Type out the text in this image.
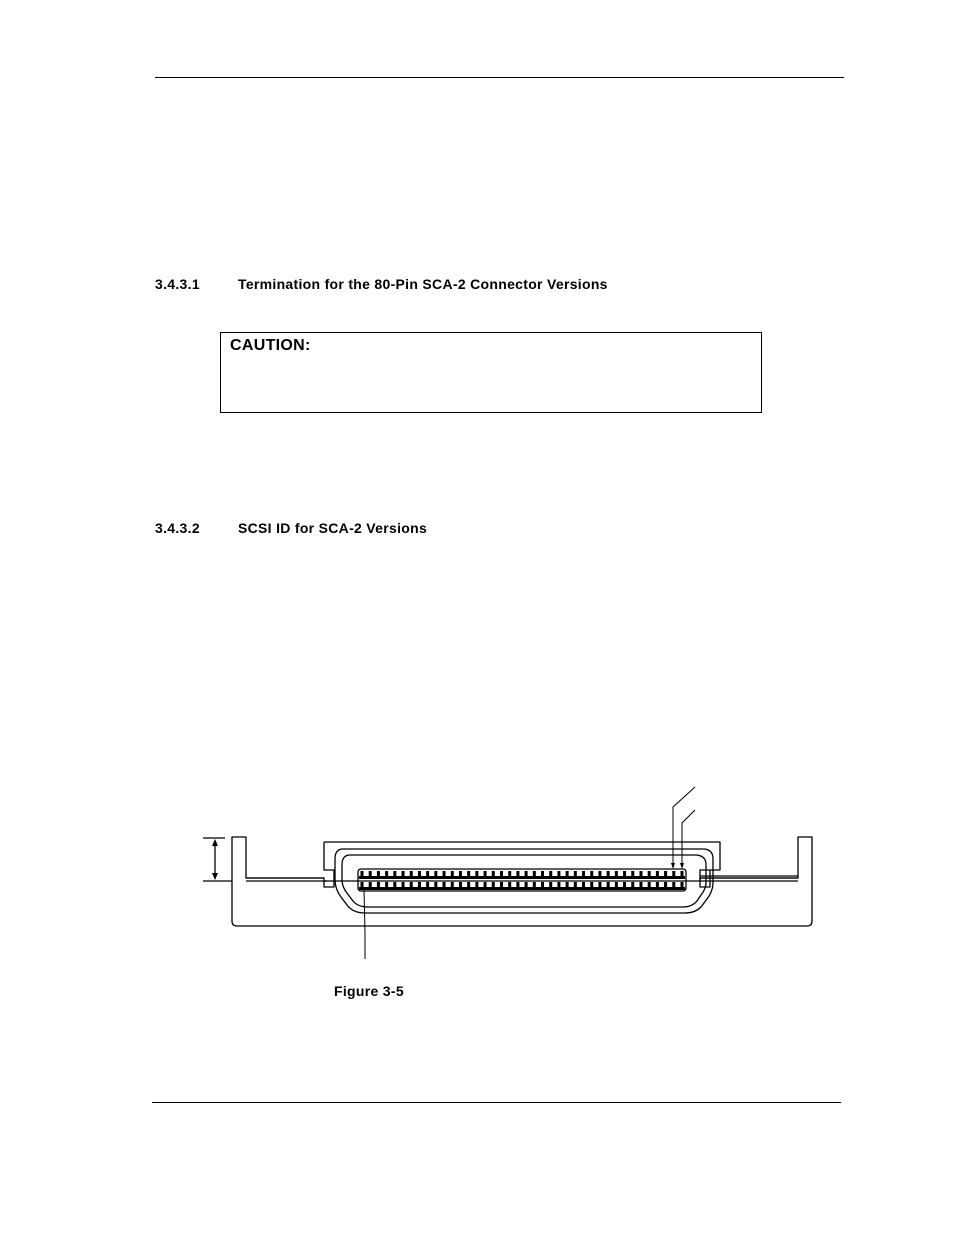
3.4.3.1	Termination for the 80-Pin SCA-2 Connector Versions
CAUTION:
3.4.3.2	SCSI ID for SCA-2 Versions
Figure 3-5
